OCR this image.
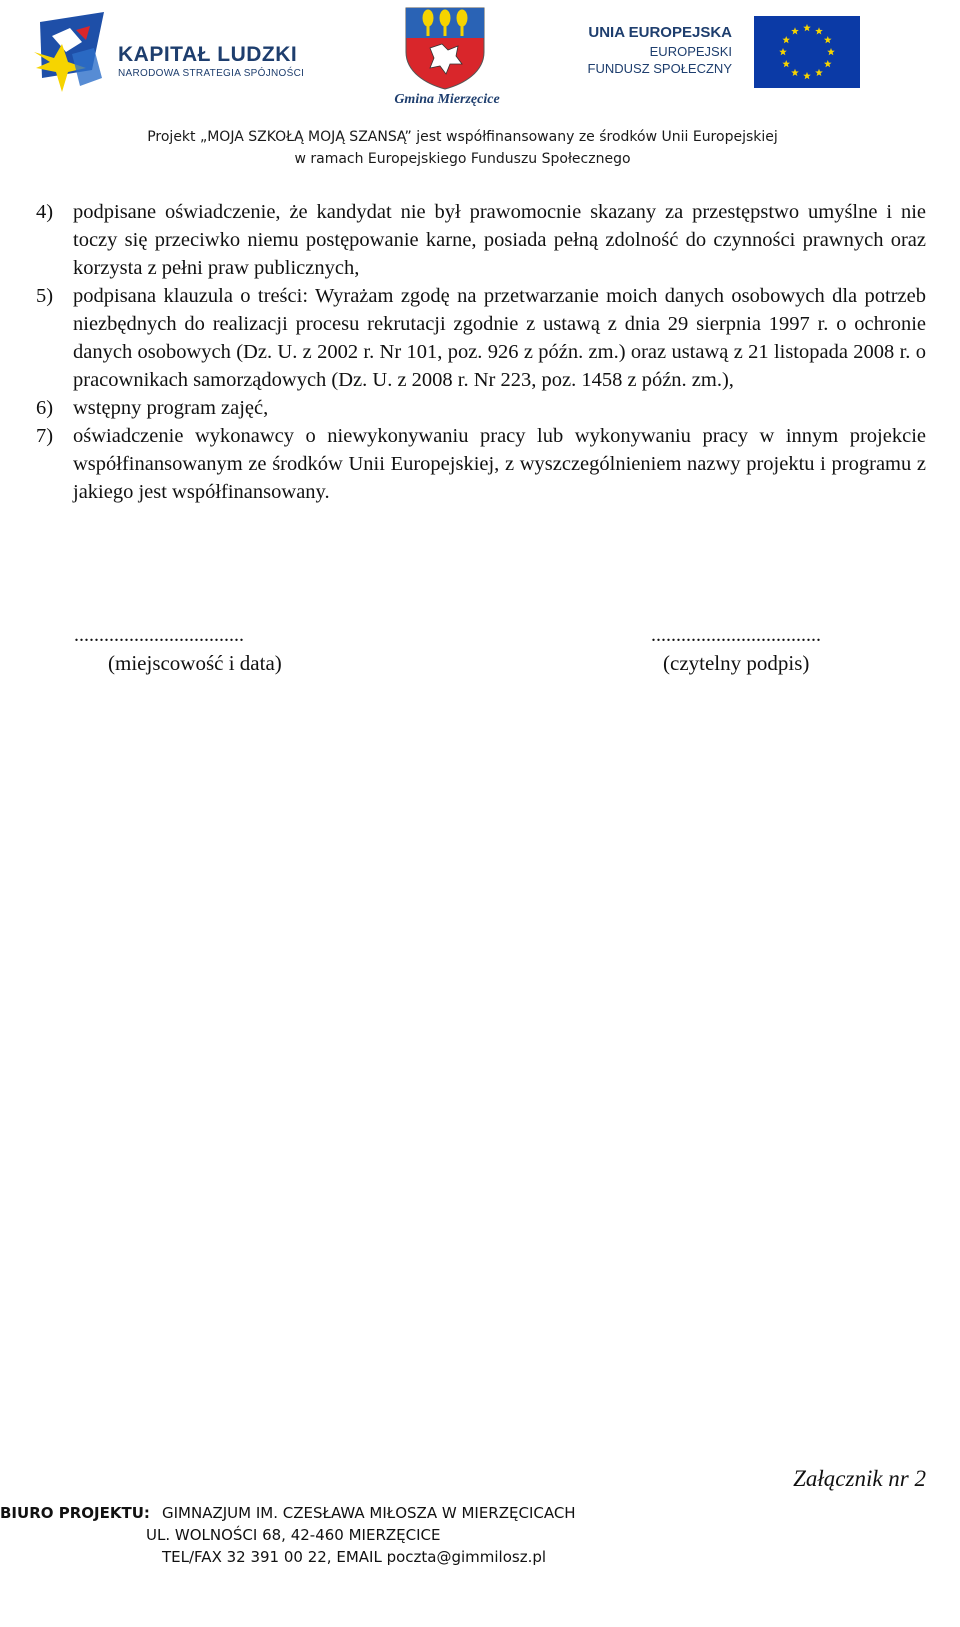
KAPITAŁ LUDZKI
NARODOWA STRATEGIA SPÓJNOŚCI
Gmina Mierzęcice
UNIA EUROPEJSKA
EUROPEJSKI
FUNDUSZ SPOŁECZNY
Projekt „MOJA SZKOŁĄ MOJĄ SZANSĄ” jest współfinansowany ze środków Unii Europejskiej
w ramach Europejskiego Funduszu Społecznego
4) podpisane oświadczenie, że kandydat nie był prawomocnie skazany za przestępstwo umyślne i nie toczy się przeciwko niemu postępowanie karne, posiada pełną zdolność do czynności prawnych oraz korzysta z pełni praw publicznych,
5) podpisana klauzula o treści: Wyrażam zgodę na przetwarzanie moich danych osobowych dla potrzeb niezbędnych do realizacji procesu rekrutacji zgodnie z ustawą z dnia 29 sierpnia 1997 r. o ochronie danych osobowych (Dz. U. z 2002 r. Nr 101, poz. 926 z późn. zm.) oraz ustawą z 21 listopada 2008 r. o pracownikach samorządowych (Dz. U. z 2008 r. Nr 223, poz. 1458 z późn. zm.),
6) wstępny program zajęć,
7) oświadczenie wykonawcy o niewykonywaniu pracy lub wykonywaniu pracy w innym projekcie współfinansowanym ze środków Unii Europejskiej, z wyszczególnieniem nazwy projektu i programu z jakiego jest współfinansowany.
..................................	..................................
(miejscowość i data)	(czytelny podpis)
Załącznik nr 2
BIURO PROJEKTU: GIMNAZJUM IM. CZESŁAWA MIŁOSZA W MIERZĘCICACH
UL. WOLNOŚCI 68, 42-460 MIERZĘCICE
TEL/FAX 32 391 00 22, EMAIL poczta@gimmilosz.pl
